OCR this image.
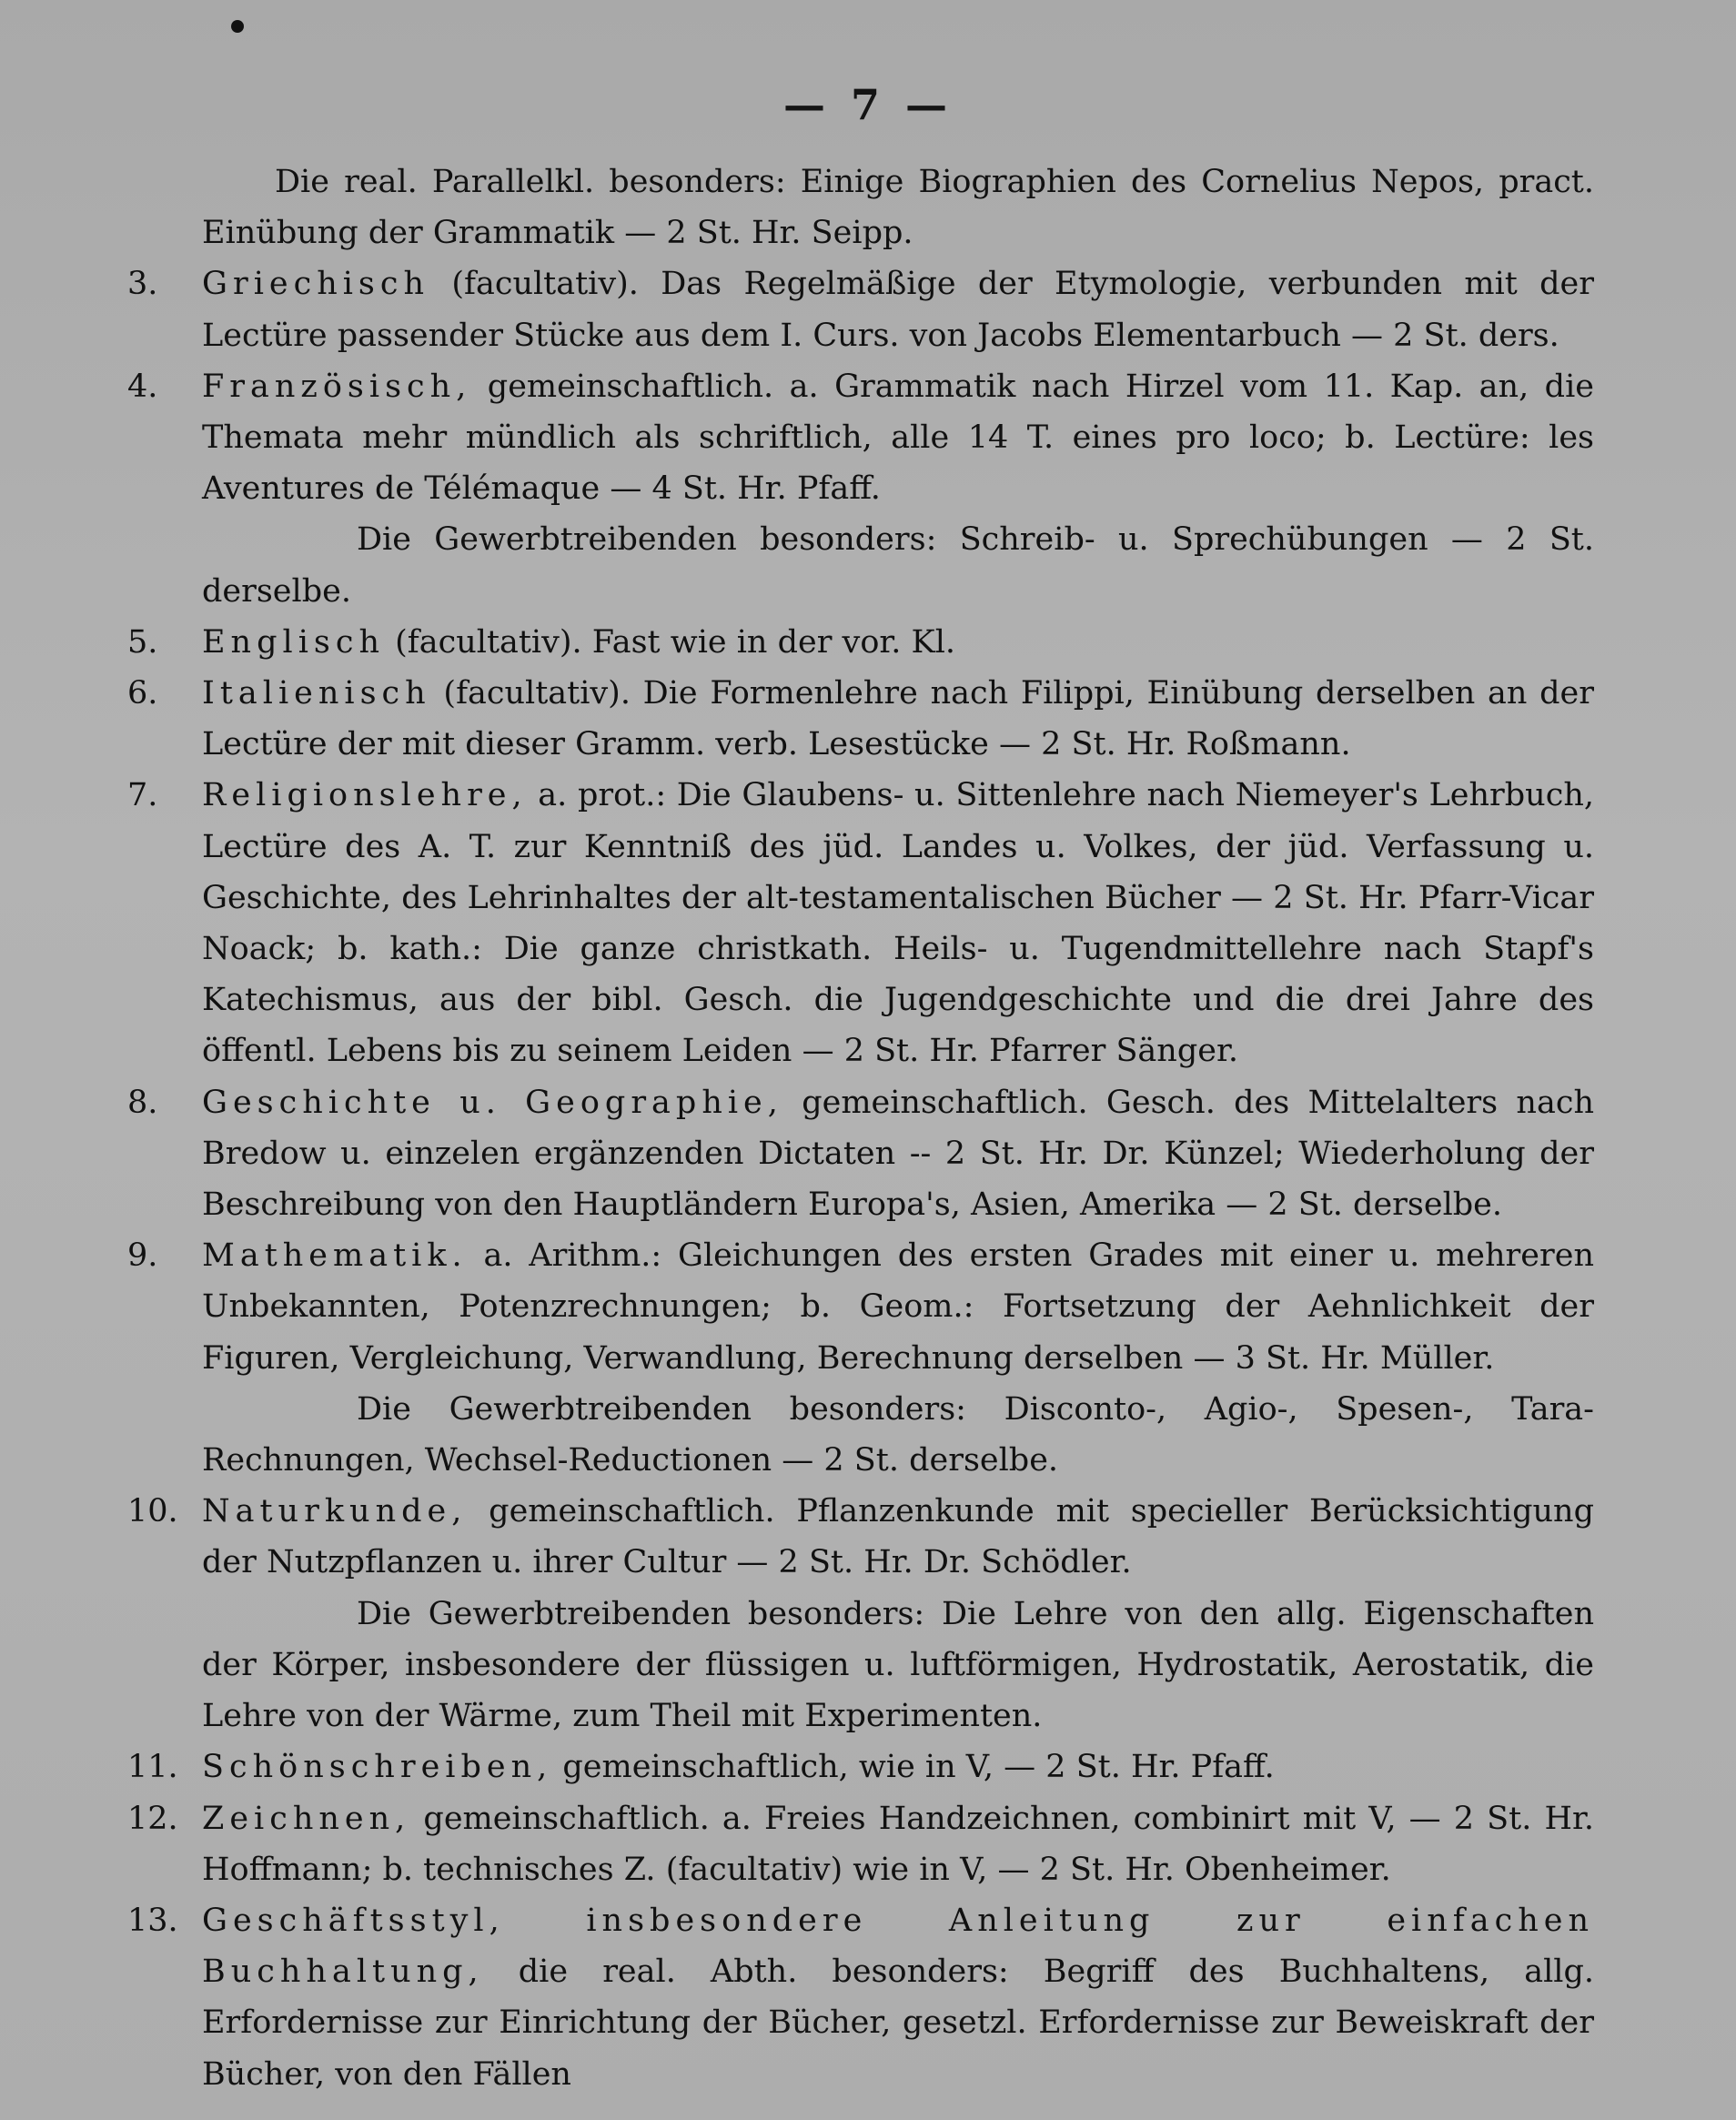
— 7 —
Die real. Parallelkl. besonders: Einige Biographien des Cornelius Nepos, pract. Einübung der Grammatik — 2 St. Hr. Seipp.
3. Griechisch (facultativ). Das Regelmäßige der Etymologie, verbunden mit der Lectüre passender Stücke aus dem I. Curs. von Jacobs Elementarbuch — 2 St. ders.
4. Französisch, gemeinschaftlich. a. Grammatik nach Hirzel vom 11. Kap. an, die Themata mehr mündlich als schriftlich, alle 14 T. eines pro loco; b. Lectüre: les Aventures de Télémaque — 4 St. Hr. Pfaff.
Die Gewerbtreibenden besonders: Schreib- u. Sprechübungen — 2 St. derselbe.
5. Englisch (facultativ). Fast wie in der vor. Kl.
6. Italienisch (facultativ). Die Formenlehre nach Filippi, Einübung derselben an der Lectüre der mit dieser Gramm. verb. Lesestücke — 2 St. Hr. Roßmann.
7. Religionslehre, a. prot.: Die Glaubens- u. Sittenlehre nach Niemeyer's Lehrbuch, Lectüre des A. T. zur Kenntniß des jüd. Landes u. Volkes, der jüd. Verfassung u. Geschichte, des Lehrinhaltes der alt-testamentalischen Bücher — 2 St. Hr. Pfarr-Vicar Noack; b. kath.: Die ganze christkath. Heils- u. Tugendmittellehre nach Stapf's Katechismus, aus der bibl. Gesch. die Jugendgeschichte und die drei Jahre des öffentl. Lebens bis zu seinem Leiden — 2 St. Hr. Pfarrer Sänger.
8. Geschichte u. Geographie, gemeinschaftlich. Gesch. des Mittelalters nach Bredow u. einzelen ergänzenden Dictaten -- 2 St. Hr. Dr. Künzel; Wiederholung der Beschreibung von den Hauptländern Europa's, Asien, Amerika — 2 St. derselbe.
9. Mathematik. a. Arithm.: Gleichungen des ersten Grades mit einer u. mehreren Unbekannten, Potenzrechnungen; b. Geom.: Fortsetzung der Aehnlichkeit der Figuren, Vergleichung, Verwandlung, Berechnung derselben — 3 St. Hr. Müller.
Die Gewerbtreibenden besonders: Disconto-, Agio-, Spesen-, Tara-Rechnungen, Wechsel-Reductionen — 2 St. derselbe.
10. Naturkunde, gemeinschaftlich. Pflanzenkunde mit specieller Berücksichtigung der Nutzpflanzen u. ihrer Cultur — 2 St. Hr. Dr. Schödler.
Die Gewerbtreibenden besonders: Die Lehre von den allg. Eigenschaften der Körper, insbesondere der flüssigen u. luftförmigen, Hydrostatik, Aerostatik, die Lehre von der Wärme, zum Theil mit Experimenten.
11. Schönschreiben, gemeinschaftlich, wie in V, — 2 St. Hr. Pfaff.
12. Zeichnen, gemeinschaftlich. a. Freies Handzeichnen, combinirt mit V, — 2 St. Hr. Hoffmann; b. technisches Z. (facultativ) wie in V, — 2 St. Hr. Obenheimer.
13. Geschäftsstyl, insbesondere Anleitung zur einfachen Buchhaltung, die real. Abth. besonders: Begriff des Buchhaltens, allg. Erfordernisse zur Einrichtung der Bücher, gesetzl. Erfordernisse zur Beweiskraft der Bücher, von den Fällen
